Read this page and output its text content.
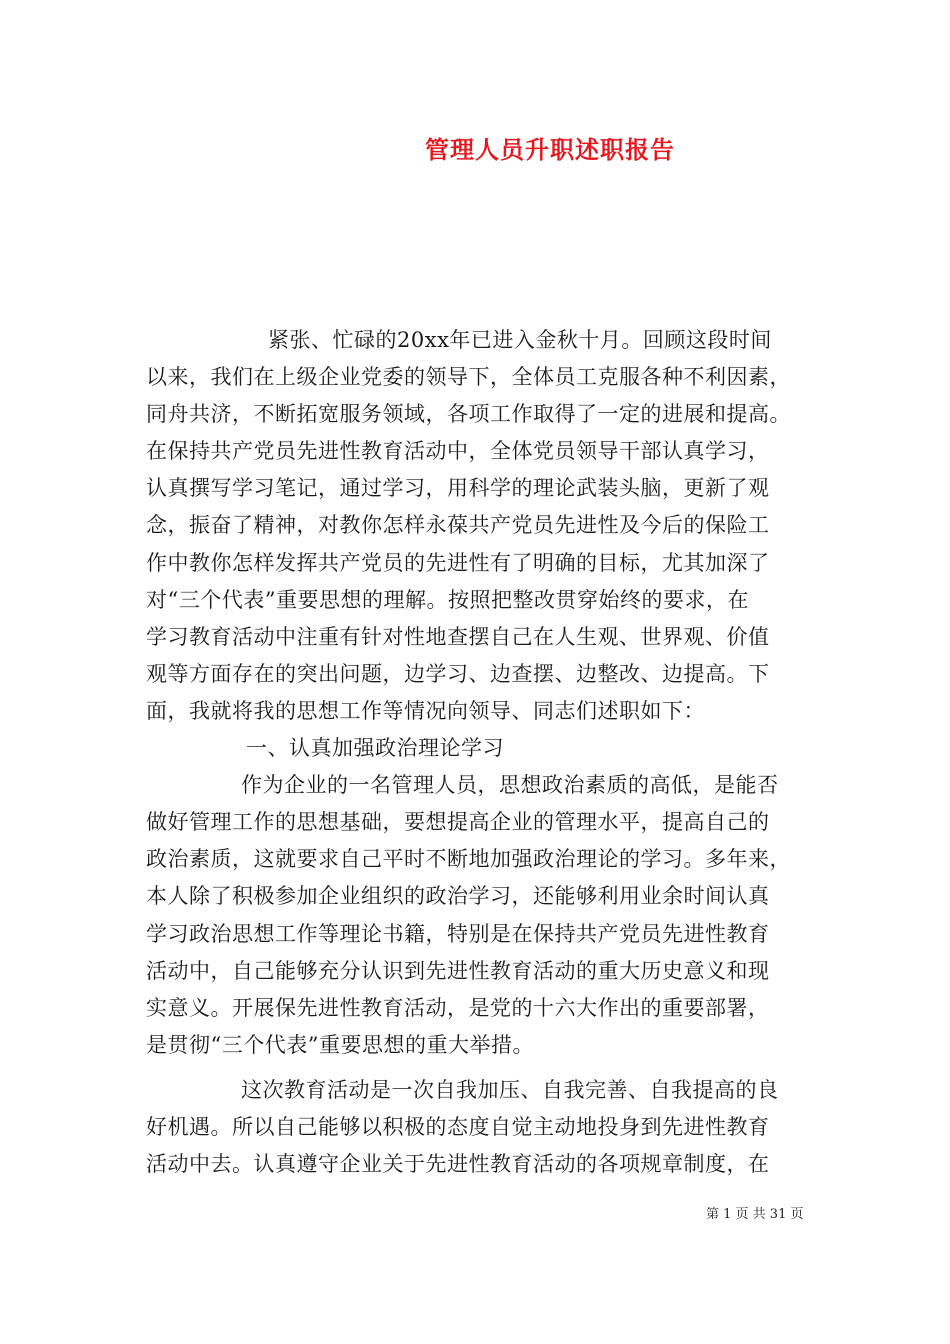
管理人员升职述职报告
紧张、忙碌的20xx年已进入金秋十月。回顾这段时间
以来，我们在上级企业党委的领导下，全体员工克服各种不利因素，
同舟共济，不断拓宽服务领域，各项工作取得了一定的进展和提高。
在保持共产党员先进性教育活动中，全体党员领导干部认真学习，
认真撰写学习笔记，通过学习，用科学的理论武装头脑，更新了观
念，振奋了精神，对教你怎样永葆共产党员先进性及今后的保险工
作中教你怎样发挥共产党员的先进性有了明确的目标，尤其加深了
对“三个代表”重要思想的理解。按照把整改贯穿始终的要求，在
学习教育活动中注重有针对性地查摆自己在人生观、世界观、价值
观等方面存在的突出问题，边学习、边查摆、边整改、边提高。下
面，我就将我的思想工作等情况向领导、同志们述职如下：
一、认真加强政治理论学习
作为企业的一名管理人员，思想政治素质的高低，是能否
做好管理工作的思想基础，要想提高企业的管理水平，提高自己的
政治素质，这就要求自己平时不断地加强政治理论的学习。多年来，
本人除了积极参加企业组织的政治学习，还能够利用业余时间认真
学习政治思想工作等理论书籍，特别是在保持共产党员先进性教育
活动中，自己能够充分认识到先进性教育活动的重大历史意义和现
实意义。开展保先进性教育活动，是党的十六大作出的重要部署，
是贯彻“三个代表”重要思想的重大举措。
这次教育活动是一次自我加压、自我完善、自我提高的良
好机遇。所以自己能够以积极的态度自觉主动地投身到先进性教育
活动中去。认真遵守企业关于先进性教育活动的各项规章制度，在
第 1 页 共 31 页
